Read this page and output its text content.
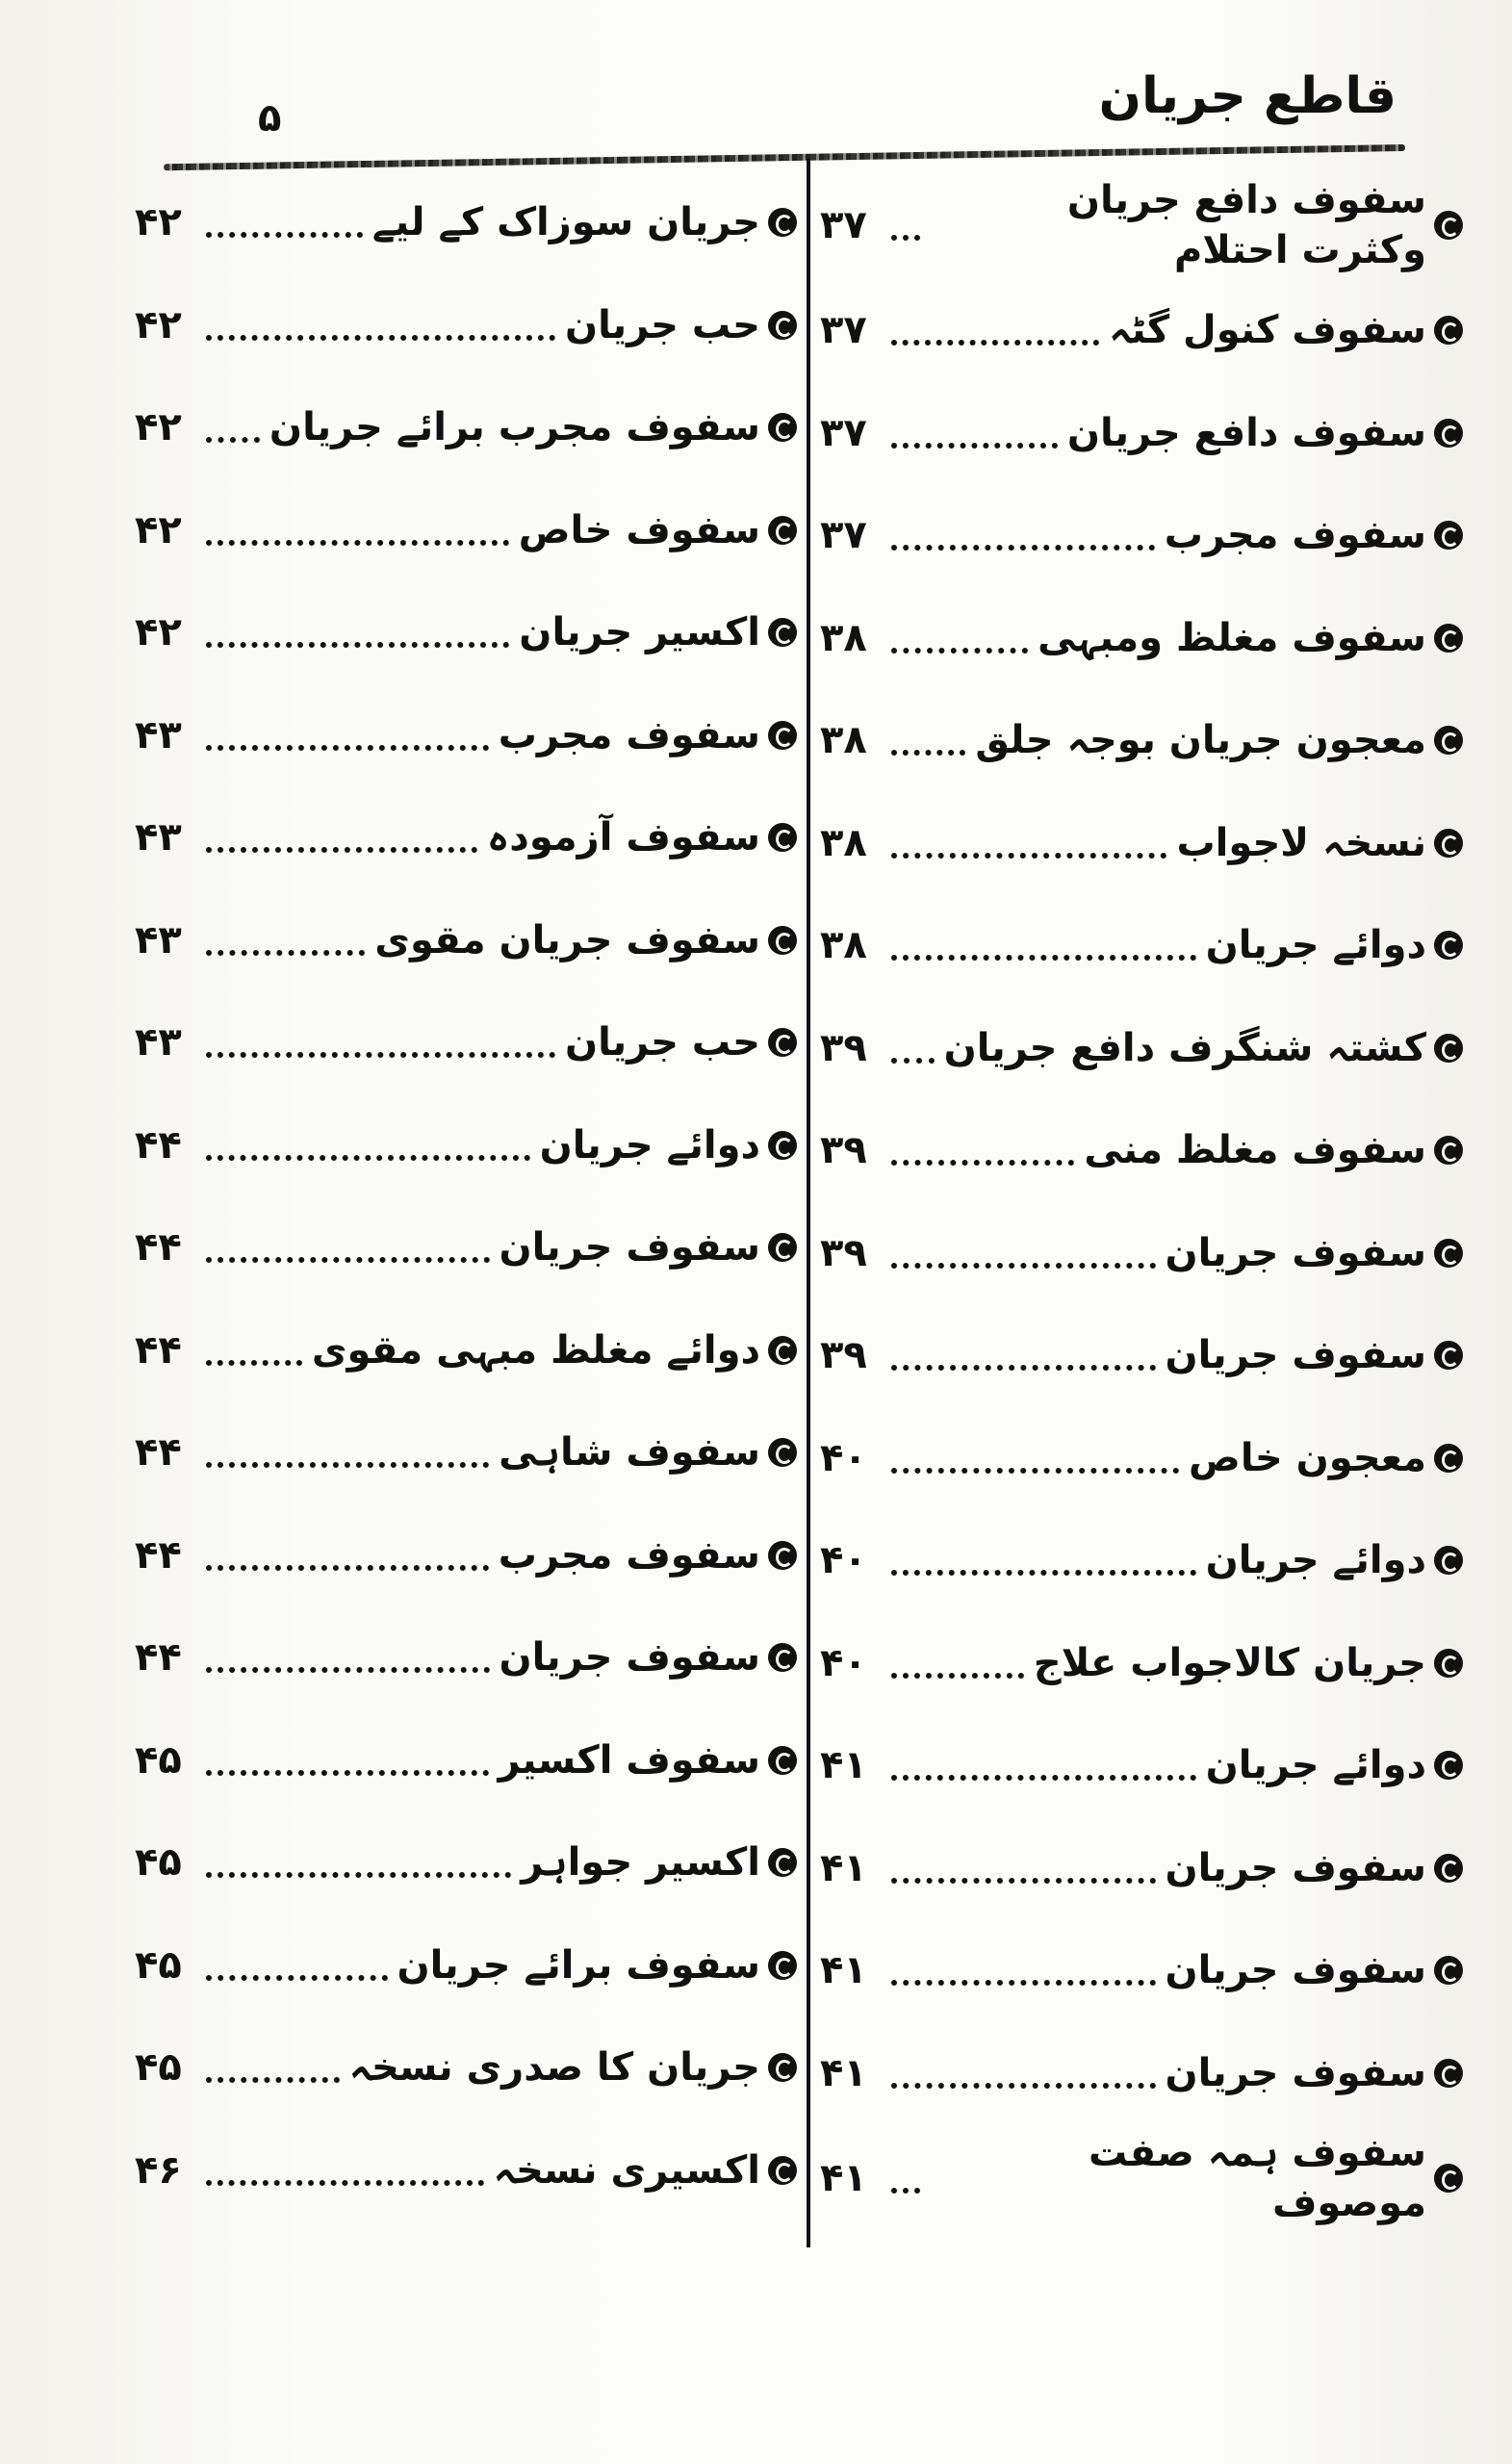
قاطع جریان
۵
سفوف دافع جریان وکثرت احتلام
۳۷
سفوف کنول گٹہ
۳۷
سفوف دافع جریان
۳۷
سفوف مجرب
۳۷
سفوف مغلظ ومبہی
۳۸
معجون جریان بوجہ جلق
۳۸
نسخہ لاجواب
۳۸
دوائے جریان
۳۸
کشتہ شنگرف دافع جریان
۳۹
سفوف مغلظ منی
۳۹
سفوف جریان
۳۹
سفوف جریان
۳۹
معجون خاص
۴۰
دوائے جریان
۴۰
جریان کالاجواب علاج
۴۰
دوائے جریان
۴۱
سفوف جریان
۴۱
سفوف جریان
۴۱
سفوف جریان
۴۱
سفوف ہمہ صفت موصوف
۴۱
جریان سوزاک کے لیے
۴۲
حب جریان
۴۲
سفوف مجرب برائے جریان
۴۲
سفوف خاص
۴۲
اکسیر جریان
۴۲
سفوف مجرب
۴۳
سفوف آزمودہ
۴۳
سفوف جریان مقوی
۴۳
حب جریان
۴۳
دوائے جریان
۴۴
سفوف جریان
۴۴
دوائے مغلظ مبہی مقوی
۴۴
سفوف شاہی
۴۴
سفوف مجرب
۴۴
سفوف جریان
۴۴
سفوف اکسیر
۴۵
اکسیر جواہر
۴۵
سفوف برائے جریان
۴۵
جریان کا صدری نسخہ
۴۵
اکسیری نسخہ
۴۶
